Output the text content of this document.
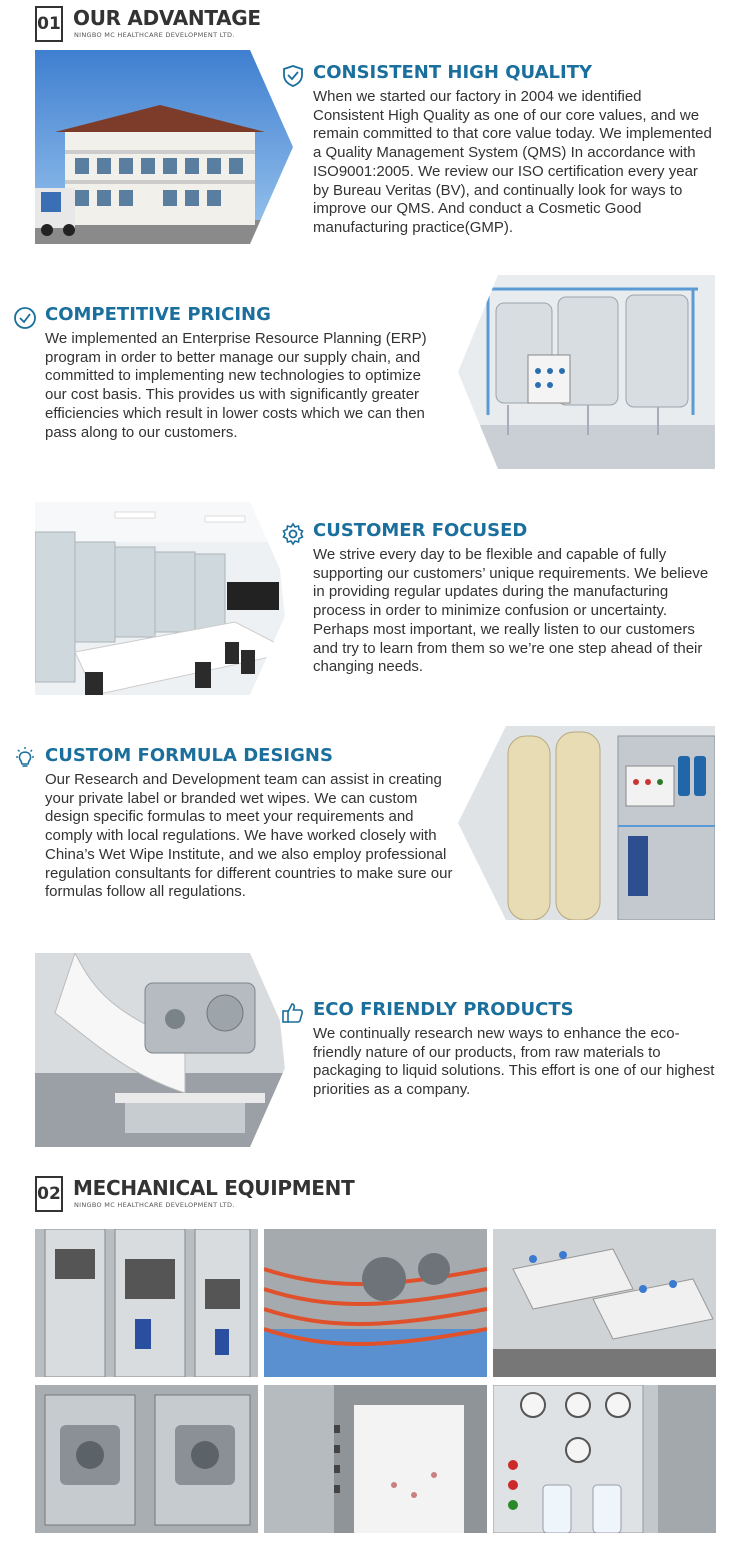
01 OUR ADVANTAGE
NINGBO MC HEALTHCARE DEVELOPMENT LTD.
CONSISTENT HIGH QUALITY
When we started our factory in 2004 we identified Consistent High Quality as one of our core values, and we remain committed to that core value today. We implemented a Quality Management System (QMS) In accordance with ISO9001:2005. We review our ISO certification every year by Bureau Veritas (BV), and continually look for ways to improve our QMS. And conduct a Cosmetic Good manufacturing practice(GMP).
COMPETITIVE PRICING
We implemented an Enterprise Resource Planning (ERP) program in order to better manage our supply chain, and committed to implementing new technologies to optimize our cost basis. This provides us with significantly greater efficiencies which result in lower costs which we can then pass along to our customers.
CUSTOMER FOCUSED
We strive every day to be flexible and capable of fully supporting our customers’ unique requirements. We believe in providing regular updates during the manufacturing process in order to minimize confusion or uncertainty. Perhaps most important, we really listen to our customers and try to learn from them so we’re one step ahead of their changing needs.
CUSTOM FORMULA DESIGNS
Our Research and Development team can assist in creating your private label or branded wet wipes. We can custom design specific formulas to meet your requirements and comply with local regulations. We have worked closely with China’s Wet Wipe Institute, and we also employ professional regulation consultants for different countries to make sure our formulas follow all regulations.
ECO FRIENDLY PRODUCTS
We continually research new ways to enhance the eco-friendly nature of our products, from raw materials to packaging to liquid solutions. This effort is one of our highest priorities as a company.
02 MECHANICAL EQUIPMENT
NINGBO MC HEALTHCARE DEVELOPMENT LTD.
